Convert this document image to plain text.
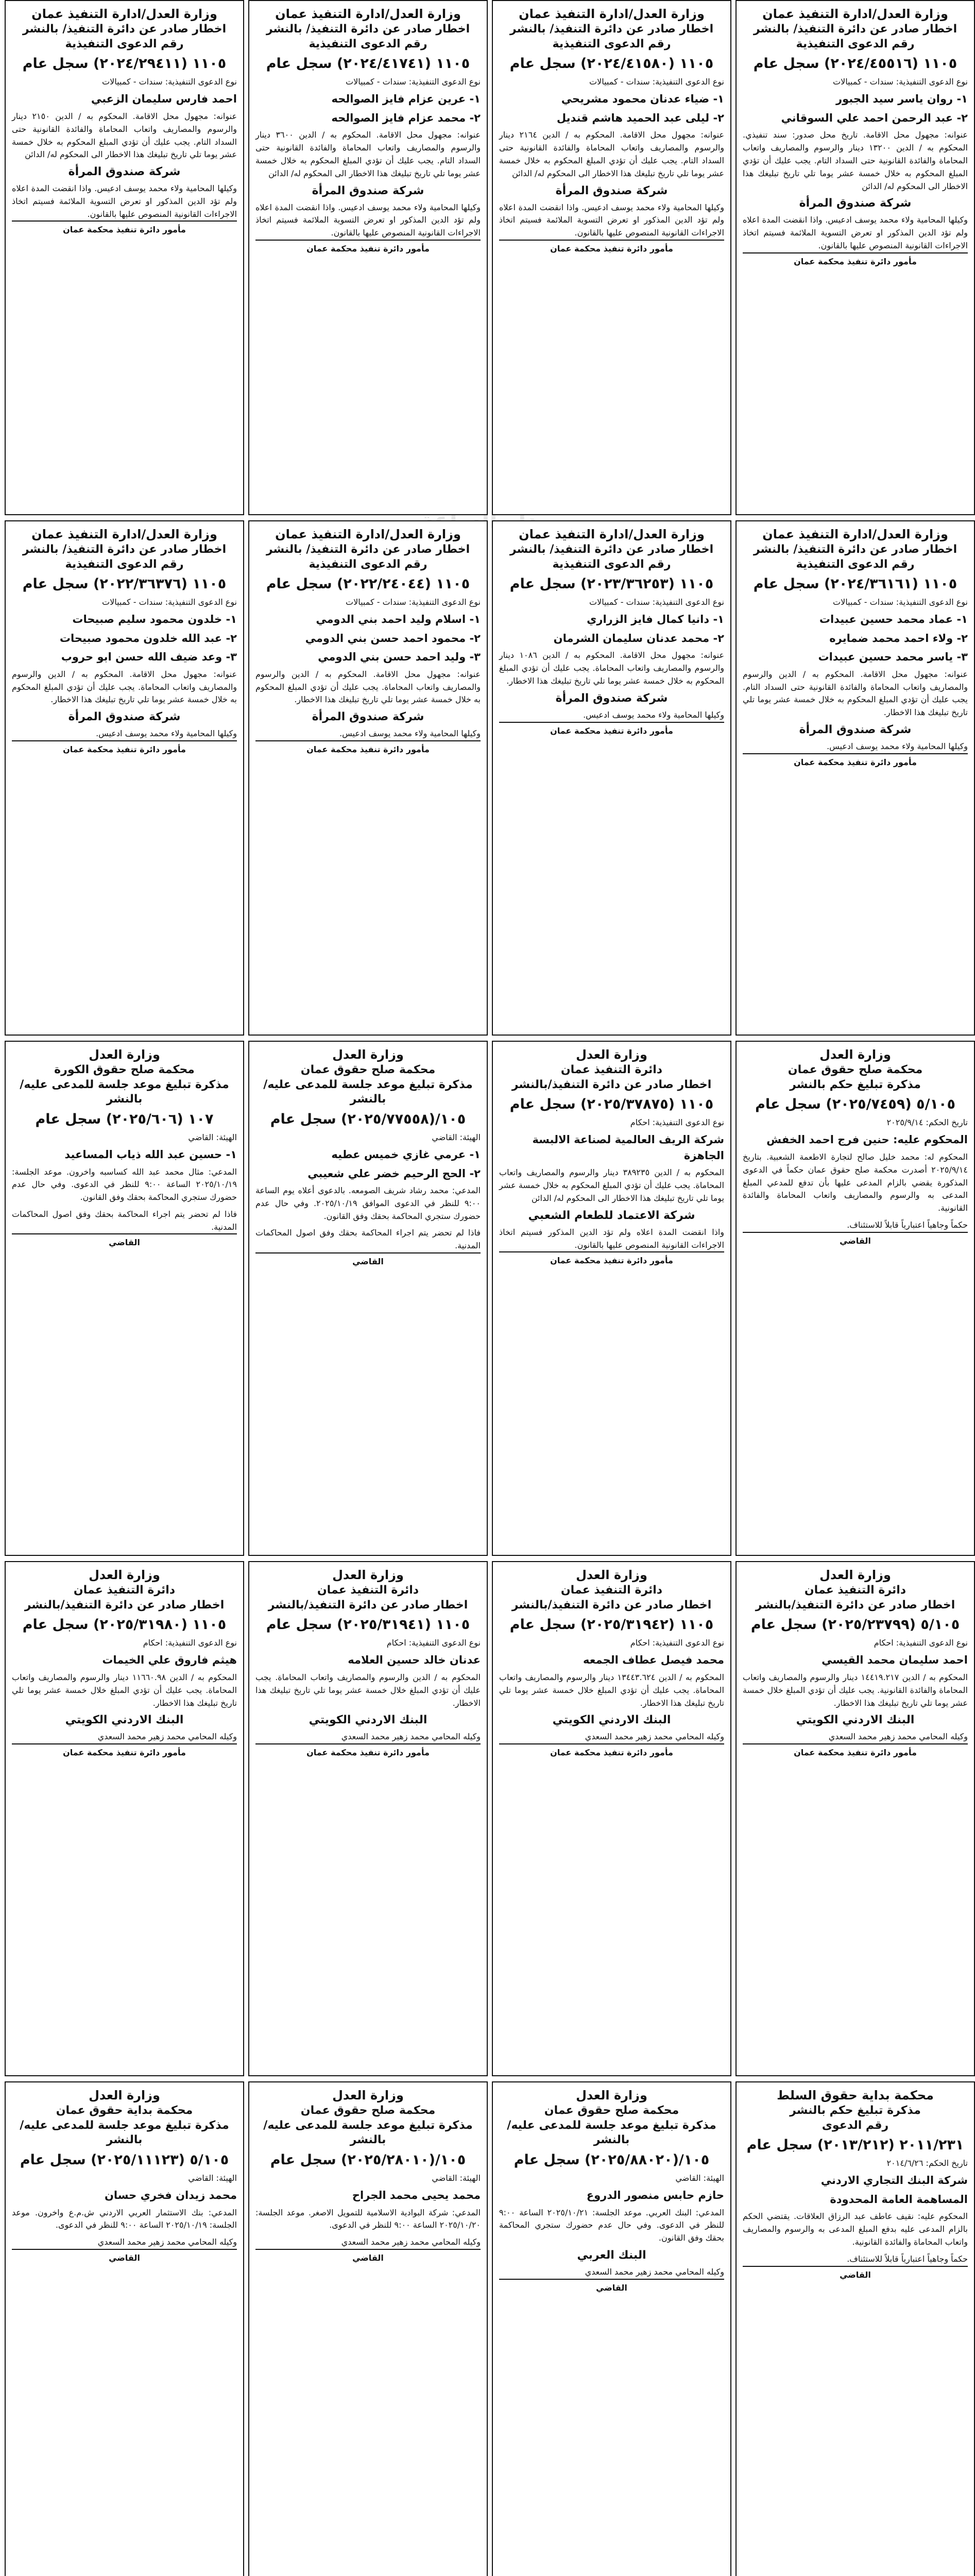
وزارة العدل/ادارة التنفيذ عمان
اخطار صادر عن دائرة التنفيذ/ بالنشر
رقم الدعوى التنفيذية
١١٠٥ (٢٠٢٤/٤٥٥١٦) سجل عام
نوع الدعوى التنفيذية: سندات - كمبيالات
١- روان ياسر سيد الجبور
٢- عبد الرحمن احمد علي السوقاني
عنوانه: مجهول محل الاقامة. تاريخ محل صدور: سند تنفيذي. المحكوم به / الدين ١٣٢٠٠ دينار والرسوم والمصاريف واتعاب المحاماة والفائدة القانونية حتى السداد التام. يجب عليك أن تؤدي المبلغ المحكوم به خلال خمسة عشر يوما تلي تاريخ تبليغك هذا الاخطار الى المحكوم له/ الدائن
شركة صندوق المرأة
وكيلها المحامية ولاء محمد يوسف ادعيس. واذا انقضت المدة اعلاه ولم تؤد الدين المذكور او تعرض التسوية الملائمة فسيتم اتخاذ الاجراءات القانونية المنصوص عليها بالقانون.
مأمور دائرة تنفيذ محكمة عمان
وزارة العدل/ادارة التنفيذ عمان
اخطار صادر عن دائرة التنفيذ/ بالنشر
رقم الدعوى التنفيذية
١١٠٥ (٢٠٢٤/٤١٥٨٠) سجل عام
نوع الدعوى التنفيذية: سندات - كمبيالات
١- ضياء عدنان محمود مشريحي
٢- ليلى عبد الحميد هاشم قنديل
عنوانه: مجهول محل الاقامة. المحكوم به / الدين ٢١٦٤ دينار والرسوم والمصاريف واتعاب المحاماة والفائدة القانونية حتى السداد التام. يجب عليك أن تؤدي المبلغ المحكوم به خلال خمسة عشر يوما تلي تاريخ تبليغك هذا الاخطار الى المحكوم له/ الدائن
شركة صندوق المرأة
وكيلها المحامية ولاء محمد يوسف ادعيس. واذا انقضت المدة اعلاه ولم تؤد الدين المذكور او تعرض التسوية الملائمة فسيتم اتخاذ الاجراءات القانونية المنصوص عليها بالقانون.
مأمور دائرة تنفيذ محكمة عمان
وزارة العدل/ادارة التنفيذ عمان
اخطار صادر عن دائرة التنفيذ/ بالنشر
رقم الدعوى التنفيذية
١١٠٥ (٢٠٢٤/٤١٧٤١) سجل عام
نوع الدعوى التنفيذية: سندات - كمبيالات
١- عرين عزام فايز الصوالحه
٢- محمد عزام فايز الصوالحه
عنوانه: مجهول محل الاقامة. المحكوم به / الدين ٣٦٠٠ دينار والرسوم والمصاريف واتعاب المحاماة والفائدة القانونية حتى السداد التام. يجب عليك أن تؤدي المبلغ المحكوم به خلال خمسة عشر يوما تلي تاريخ تبليغك هذا الاخطار الى المحكوم له/ الدائن
شركة صندوق المرأة
وكيلها المحامية ولاء محمد يوسف ادعيس. واذا انقضت المدة اعلاه ولم تؤد الدين المذكور او تعرض التسوية الملائمة فسيتم اتخاذ الاجراءات القانونية المنصوص عليها بالقانون.
مأمور دائرة تنفيذ محكمة عمان
وزارة العدل/ادارة التنفيذ عمان
اخطار صادر عن دائرة التنفيذ/ بالنشر
رقم الدعوى التنفيذية
١١٠٥ (٢٠٢٤/٢٩٤١١) سجل عام
نوع الدعوى التنفيذية: سندات - كمبيالات
احمد فارس سليمان الزعبي
عنوانه: مجهول محل الاقامة. المحكوم به / الدين ٢١٥٠ دينار والرسوم والمصاريف واتعاب المحاماة والفائدة القانونية حتى السداد التام. يجب عليك أن تؤدي المبلغ المحكوم به خلال خمسة عشر يوما تلي تاريخ تبليغك هذا الاخطار الى المحكوم له/ الدائن
شركة صندوق المرأة
وكيلها المحامية ولاء محمد يوسف ادعيس. واذا انقضت المدة اعلاه ولم تؤد الدين المذكور او تعرض التسوية الملائمة فسيتم اتخاذ الاجراءات القانونية المنصوص عليها بالقانون.
مأمور دائرة تنفيذ محكمة عمان
وزارة العدل/ادارة التنفيذ عمان
اخطار صادر عن دائرة التنفيذ/ بالنشر
رقم الدعوى التنفيذية
١١٠٥ (٢٠٢٤/٣٦١٦١) سجل عام
نوع الدعوى التنفيذية: سندات - كمبيالات
١- عماد محمد حسين عبيدات
٢- ولاء احمد محمد ضمايره
٣- ياسر محمد حسين عبيدات
عنوانه: مجهول محل الاقامة. المحكوم به / الدين والرسوم والمصاريف واتعاب المحاماة والفائدة القانونية حتى السداد التام. يجب عليك أن تؤدي المبلغ المحكوم به خلال خمسة عشر يوما تلي تاريخ تبليغك هذا الاخطار.
شركة صندوق المرأة
وكيلها المحامية ولاء محمد يوسف ادعيس.
مأمور دائرة تنفيذ محكمة عمان
وزارة العدل/ادارة التنفيذ عمان
اخطار صادر عن دائرة التنفيذ/ بالنشر
رقم الدعوى التنفيذية
١١٠٥ (٢٠٢٣/٣٦٢٥٣) سجل عام
نوع الدعوى التنفيذية: سندات - كمبيالات
١- دانيا كمال فايز الزراري
٢- محمد عدنان سليمان الشرمان
عنوانه: مجهول محل الاقامة. المحكوم به / الدين ١٠٨٦ دينار والرسوم والمصاريف واتعاب المحاماة. يجب عليك أن تؤدي المبلغ المحكوم به خلال خمسة عشر يوما تلي تاريخ تبليغك هذا الاخطار.
شركة صندوق المرأة
وكيلها المحامية ولاء محمد يوسف ادعيس.
مأمور دائرة تنفيذ محكمة عمان
وزارة العدل/ادارة التنفيذ عمان
اخطار صادر عن دائرة التنفيذ/ بالنشر
رقم الدعوى التنفيذية
١١٠٥ (٢٠٢٢/٢٤٠٤٤) سجل عام
نوع الدعوى التنفيذية: سندات - كمبيالات
١- اسلام وليد احمد بني الدومي
٢- محمود احمد حسن بني الدومي
٣- وليد احمد حسن بني الدومي
عنوانه: مجهول محل الاقامة. المحكوم به / الدين والرسوم والمصاريف واتعاب المحاماة. يجب عليك أن تؤدي المبلغ المحكوم به خلال خمسة عشر يوما تلي تاريخ تبليغك هذا الاخطار.
شركة صندوق المرأة
وكيلها المحامية ولاء محمد يوسف ادعيس.
مأمور دائرة تنفيذ محكمة عمان
وزارة العدل/ادارة التنفيذ عمان
اخطار صادر عن دائرة التنفيذ/ بالنشر
رقم الدعوى التنفيذية
١١٠٥ (٢٠٢٢/٣٦٣٧٦) سجل عام
نوع الدعوى التنفيذية: سندات - كمبيالات
١- خلدون محمود سليم صبيحات
٢- عبد الله خلدون محمود صبيحات
٣- وعد ضيف الله حسن ابو حروب
عنوانه: مجهول محل الاقامة. المحكوم به / الدين والرسوم والمصاريف واتعاب المحاماة. يجب عليك أن تؤدي المبلغ المحكوم به خلال خمسة عشر يوما تلي تاريخ تبليغك هذا الاخطار.
شركة صندوق المرأة
وكيلها المحامية ولاء محمد يوسف ادعيس.
مأمور دائرة تنفيذ محكمة عمان
وزارة العدل
محكمة صلح حقوق عمان
مذكرة تبليغ حكم بالنشر
٥/١٠٥ (٢٠٢٥/٧٤٥٩) سجل عام
تاريخ الحكم: ٢٠٢٥/٩/١٤
المحكوم عليه: حنين فرج احمد الخفش
المحكوم له: محمد خليل صالح لتجارة الاطعمة الشعبية. بتاريخ ٢٠٢٥/٩/١٤ أصدرت محكمة صلح حقوق عمان حكماً في الدعوى المذكورة يقضي بالزام المدعى عليها بأن تدفع للمدعي المبلغ المدعى به والرسوم والمصاريف واتعاب المحاماة والفائدة القانونية.
حكماً وجاهياً اعتبارياً قابلاً للاستئناف.
القاضي
وزارة العدل
دائرة التنفيذ عمان
اخطار صادر عن دائرة التنفيذ/بالنشر
١١٠٥ (٢٠٢٥/٣٧٨٧٥) سجل عام
نوع الدعوى التنفيذية: احكام
شركة الريف العالمية لصناعة الالبسة الجاهزة
المحكوم به / الدين ٣٨٩٢٣٥ دينار والرسوم والمصاريف واتعاب المحاماة. يجب عليك أن تؤدي المبلغ المحكوم به خلال خمسة عشر يوما تلي تاريخ تبليغك هذا الاخطار الى المحكوم له/ الدائن
شركة الاعتماد للطعام الشعبي
واذا انقضت المدة اعلاه ولم تؤد الدين المذكور فسيتم اتخاذ الاجراءات القانونية المنصوص عليها بالقانون.
مأمور دائرة تنفيذ محكمة عمان
وزارة العدل
محكمة صلح حقوق عمان
مذكرة تبليغ موعد جلسة للمدعى عليه/بالنشر
١٠٥/(٢٠٢٥/٧٧٥٥٨) سجل عام
الهيئة: القاضي
١- عرمي غازي خميس عطيه
٢- الحج الرحيم خضر علي شعيبي
المدعي: محمد رشاد شريف الصومعه. بالدعوى أعلاه يوم الساعة ٩:٠٠ للنظر في الدعوى الموافق ٢٠٢٥/١٠/١٩. وفي حال عدم حضورك ستجري المحاكمة بحقك وفق القانون.
فاذا لم تحضر يتم اجراء المحاكمة بحقك وفق اصول المحاكمات المدنية.
القاضي
وزارة العدل
محكمة صلح حقوق الكورة
مذكرة تبليغ موعد جلسة للمدعى عليه/بالنشر
١٠٧ (٢٠٢٥/٦٠٦) سجل عام
الهيئة: القاضي
١- حسين عبد الله ذياب المساعيد
المدعي: مثال محمد عبد الله كساسبه واخرون. موعد الجلسة: ٢٠٢٥/١٠/١٩ الساعة ٩:٠٠ للنظر في الدعوى. وفي حال عدم حضورك ستجري المحاكمة بحقك وفق القانون.
فاذا لم تحضر يتم اجراء المحاكمة بحقك وفق اصول المحاكمات المدنية.
القاضي
وزارة العدل
دائرة التنفيذ عمان
اخطار صادر عن دائرة التنفيذ/بالنشر
٥/١٠٥ (٢٠٢٥/٢٣٧٩٩) سجل عام
نوع الدعوى التنفيذية: احكام
احمد سليمان محمد القيسي
المحكوم به / الدين ١٤٤١٩.٢١٧ دينار والرسوم والمصاريف واتعاب المحاماة والفائدة القانونية. يجب عليك أن تؤدي المبلغ خلال خمسة عشر يوما تلي تاريخ تبليغك هذا الاخطار.
البنك الاردني الكويتي
وكيله المحامي محمد زهير محمد السعدي
مأمور دائرة تنفيذ محكمة عمان
وزارة العدل
دائرة التنفيذ عمان
اخطار صادر عن دائرة التنفيذ/بالنشر
١١٠٥ (٢٠٢٥/٣١٩٤٢) سجل عام
نوع الدعوى التنفيذية: احكام
محمد فيصل عطاف الجمعه
المحكوم به / الدين ١٣٤٤٣.٦٢٤ دينار والرسوم والمصاريف واتعاب المحاماة. يجب عليك أن تؤدي المبلغ خلال خمسة عشر يوما تلي تاريخ تبليغك هذا الاخطار.
البنك الاردني الكويتي
وكيله المحامي محمد زهير محمد السعدي
مأمور دائرة تنفيذ محكمة عمان
وزارة العدل
دائرة التنفيذ عمان
اخطار صادر عن دائرة التنفيذ/بالنشر
١١٠٥ (٢٠٢٥/٣١٩٤١) سجل عام
نوع الدعوى التنفيذية: احكام
عدنان خالد حسين العلامه
المحكوم به / الدين والرسوم والمصاريف واتعاب المحاماة. يجب عليك أن تؤدي المبلغ خلال خمسة عشر يوما تلي تاريخ تبليغك هذا الاخطار.
البنك الاردني الكويتي
وكيله المحامي محمد زهير محمد السعدي
مأمور دائرة تنفيذ محكمة عمان
وزارة العدل
دائرة التنفيذ عمان
اخطار صادر عن دائرة التنفيذ/بالنشر
١١٠٥ (٢٠٢٥/٣١٩٨٠) سجل عام
نوع الدعوى التنفيذية: احكام
هيثم فاروق علي الخيمات
المحكوم به / الدين ١١٦٦٠.٩٨ دينار والرسوم والمصاريف واتعاب المحاماة. يجب عليك أن تؤدي المبلغ خلال خمسة عشر يوما تلي تاريخ تبليغك هذا الاخطار.
البنك الاردني الكويتي
وكيله المحامي محمد زهير محمد السعدي
مأمور دائرة تنفيذ محكمة عمان
محكمة بداية حقوق السلط
مذكرة تبليغ حكم بالنشر
رقم الدعوى
٢٠١١/٢٣١ (٢٠١٣/٢١٢) سجل عام
تاريخ الحكم: ٢٠١٤/٦/٢٦
شركة البنك التجاري الاردني
المساهمة العامة المحدودة
المحكوم عليه: نقيف عاطف عبد الرزاق العلاقات. يقتضي الحكم بالزام المدعى عليه بدفع المبلغ المدعى به والرسوم والمصاريف واتعاب المحاماة والفائدة القانونية.
حكماً وجاهياً اعتبارياً قابلاً للاستئناف.
القاضي
وزارة العدل
محكمة صلح حقوق عمان
مذكرة تبليغ موعد جلسة للمدعى عليه/بالنشر
١٠٥/(٢٠٢٥/٨٨٠٢٠) سجل عام
الهيئة: القاضي
حازم حابس منصور الدروع
المدعي: البنك العربي. موعد الجلسة: ٢٠٢٥/١٠/٢١ الساعة ٩:٠٠ للنظر في الدعوى. وفي حال عدم حضورك ستجري المحاكمة بحقك وفق القانون.
البنك العربي
وكيله المحامي محمد زهير محمد السعدي
القاضي
وزارة العدل
محكمة صلح حقوق عمان
مذكرة تبليغ موعد جلسة للمدعى عليه/بالنشر
١٠٥/(٢٠٢٥/٢٨٠١٠) سجل عام
الهيئة: القاضي
محمد يحيى محمد الجراح
المدعي: شركة البوادية الاسلامية للتمويل الاصغر. موعد الجلسة: ٢٠٢٥/١٠/٢٠ الساعة ٩:٠٠ للنظر في الدعوى.
وكيله المحامي محمد زهير محمد السعدي
القاضي
وزارة العدل
محكمة بداية حقوق عمان
مذكرة تبليغ موعد جلسة للمدعى عليه/بالنشر
٥/١٠٥ (٢٠٢٥/١١١٢٣) سجل عام
الهيئة: القاضي
محمد زيدان فخري حسان
المدعي: بنك الاستثمار العربي الاردني ش.م.ع واخرون. موعد الجلسة: ٢٠٢٥/١٠/١٩ الساعة ٩:٠٠ للنظر في الدعوى.
وكيله المحامي محمد زهير محمد السعدي
القاضي
